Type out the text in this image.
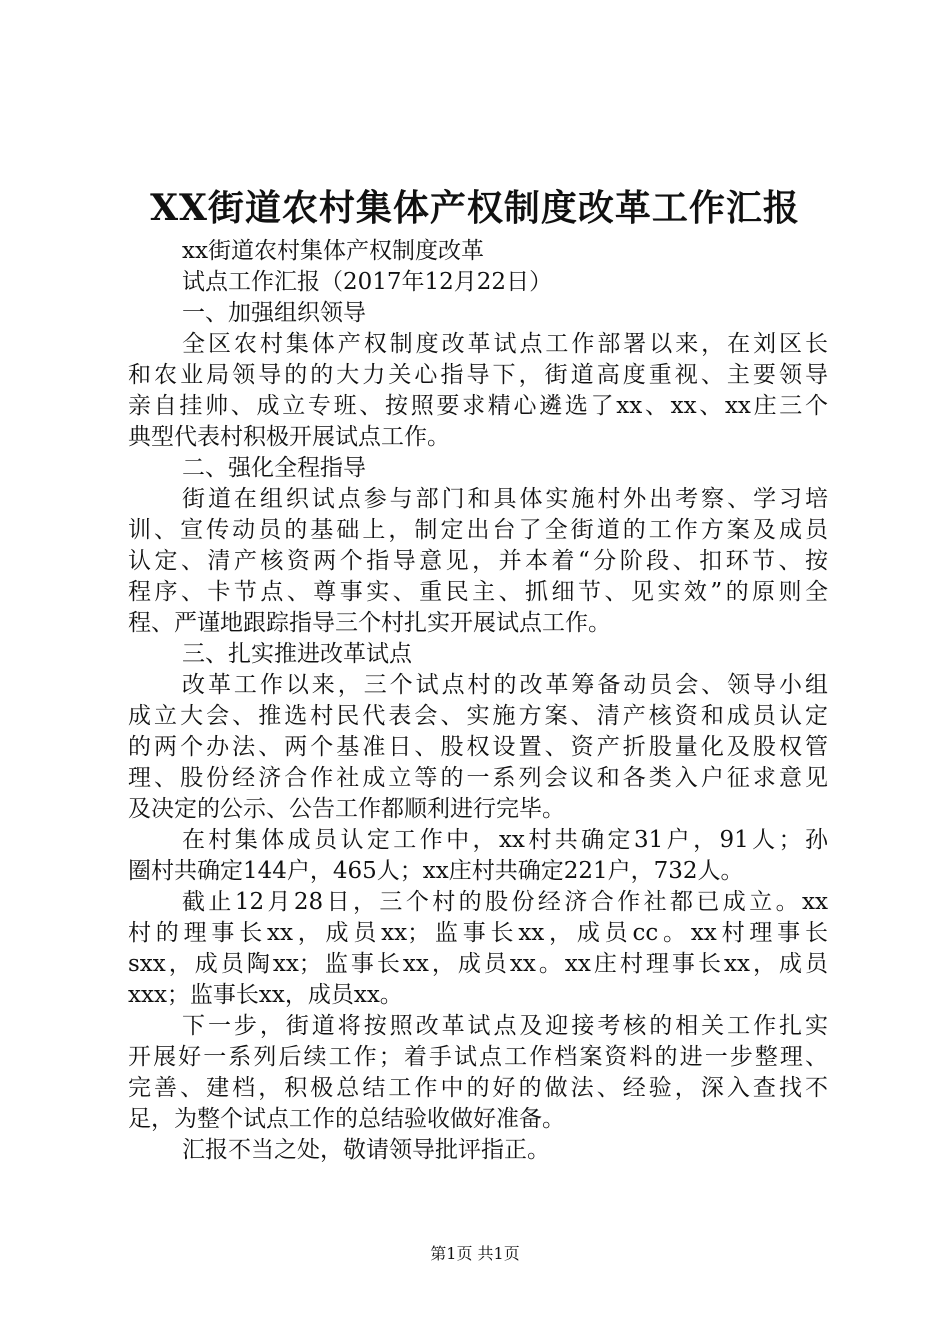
XX街道农村集体产权制度改革工作汇报
xx街道农村集体产权制度改革
试点工作汇报（2017年12月22日）
一、加强组织领导
全区农村集体产权制度改革试点工作部署以来，在刘区长
和农业局领导的的大力关心指导下，街道高度重视、主要领导
亲自挂帅、成立专班、按照要求精心遴选了xx、xx、xx庄三个
典型代表村积极开展试点工作。
二、强化全程指导
街道在组织试点参与部门和具体实施村外出考察、学习培
训、宣传动员的基础上，制定出台了全街道的工作方案及成员
认定、清产核资两个指导意见，并本着“分阶段、扣环节、按
程序、卡节点、尊事实、重民主、抓细节、见实效”的原则全
程、严谨地跟踪指导三个村扎实开展试点工作。
三、扎实推进改革试点
改革工作以来，三个试点村的改革筹备动员会、领导小组
成立大会、推选村民代表会、实施方案、清产核资和成员认定
的两个办法、两个基准日、股权设置、资产折股量化及股权管
理、股份经济合作社成立等的一系列会议和各类入户征求意见
及决定的公示、公告工作都顺利进行完毕。
在村集体成员认定工作中，xx村共确定31户，91人；孙
圈村共确定144户，465人；xx庄村共确定221户，732人。
截止12月28日，三个村的股份经济合作社都已成立。xx
村的理事长xx，成员xx；监事长xx，成员cc。xx村理事长
sxx，成员陶xx；监事长xx，成员xx。xx庄村理事长xx，成员
xxx；监事长xx，成员xx。
下一步，街道将按照改革试点及迎接考核的相关工作扎实
开展好一系列后续工作；着手试点工作档案资料的进一步整理、
完善、建档，积极总结工作中的好的做法、经验，深入查找不
足，为整个试点工作的总结验收做好准备。
汇报不当之处，敬请领导批评指正。
第1页 共1页
